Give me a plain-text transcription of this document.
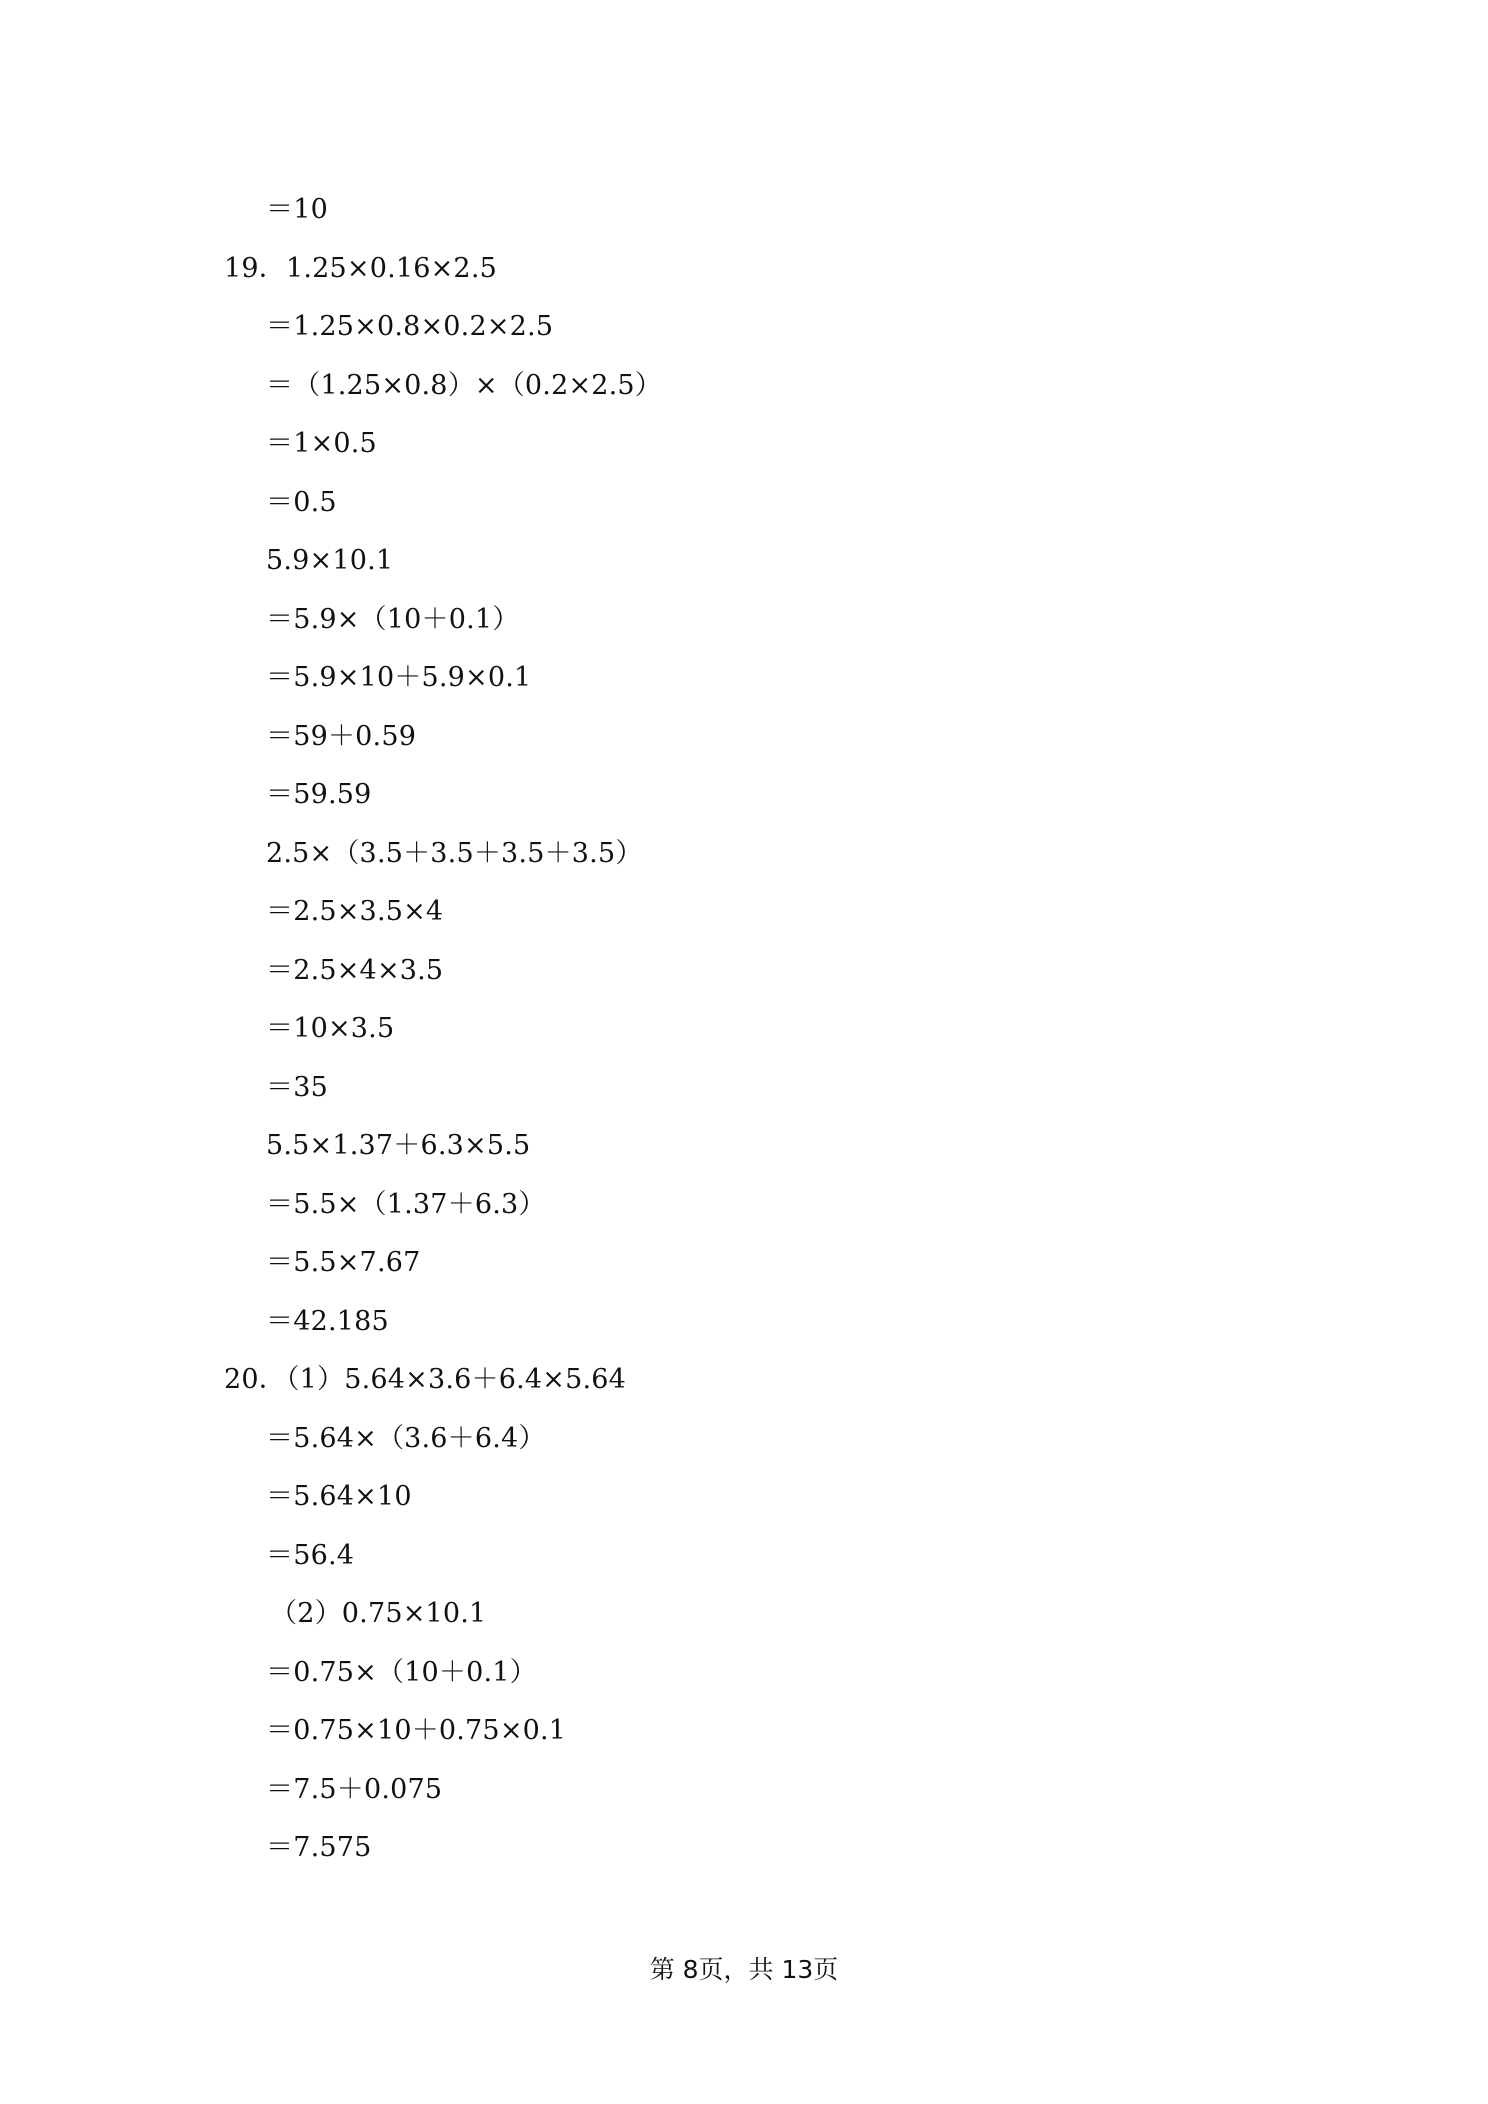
＝10
19．1.25×0.16×2.5
＝1.25×0.8×0.2×2.5
＝（1.25×0.8）×（0.2×2.5）
＝1×0.5
＝0.5
5.9×10.1
＝5.9×（10＋0.1）
＝5.9×10＋5.9×0.1
＝59＋0.59
＝59.59
2.5×（3.5＋3.5＋3.5＋3.5）
＝2.5×3.5×4
＝2.5×4×3.5
＝10×3.5
＝35
5.5×1.37＋6.3×5.5
＝5.5×（1.37＋6.3）
＝5.5×7.67
＝42.185
20．（1）5.64×3.6＋6.4×5.64
＝5.64×（3.6＋6.4）
＝5.64×10
＝56.4
（2）0.75×10.1
＝0.75×（10＋0.1）
＝0.75×10＋0.75×0.1
＝7.5＋0.075
＝7.575
第 8页，共 13页
